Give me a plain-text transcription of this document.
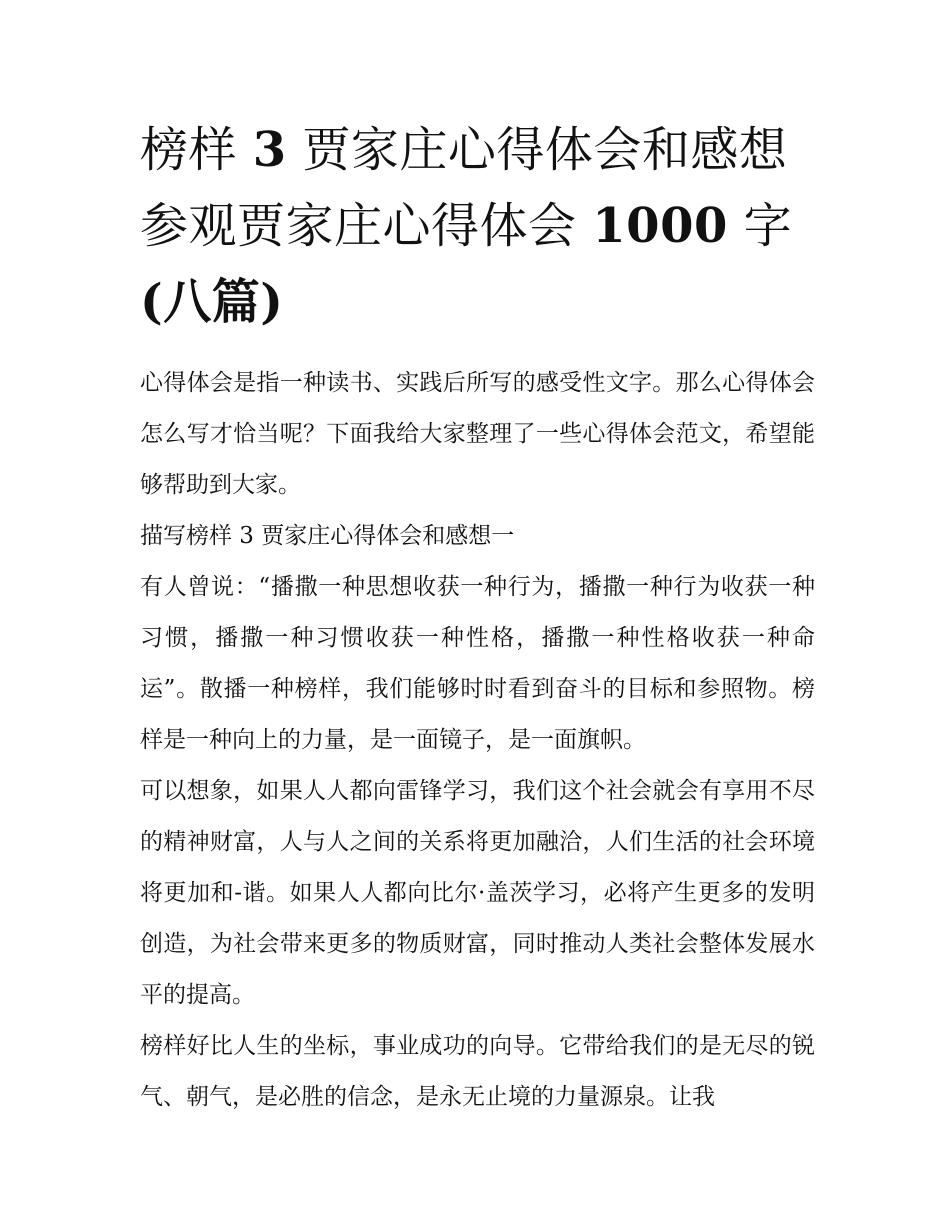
榜样 3 贾家庄心得体会和感想
参观贾家庄心得体会 1000 字
(八篇)

心得体会是指一种读书、实践后所写的感受性文字。那么心得体会怎么写才恰当呢？下面我给大家整理了一些心得体会范文，希望能够帮助到大家。

描写榜样 3 贾家庄心得体会和感想一

有人曾说：“播撒一种思想收获一种行为，播撒一种行为收获一种习惯，播撒一种习惯收获一种性格，播撒一种性格收获一种命运”。散播一种榜样，我们能够时时看到奋斗的目标和参照物。榜样是一种向上的力量，是一面镜子，是一面旗帜。

可以想象，如果人人都向雷锋学习，我们这个社会就会有享用不尽的精神财富，人与人之间的关系将更加融洽，人们生活的社会环境将更加和-谐。如果人人都向比尔·盖茨学习，必将产生更多的发明创造，为社会带来更多的物质财富，同时推动人类社会整体发展水平的提高。

榜样好比人生的坐标，事业成功的向导。它带给我们的是无尽的锐气、朝气，是必胜的信念，是永无止境的力量源泉。让我
